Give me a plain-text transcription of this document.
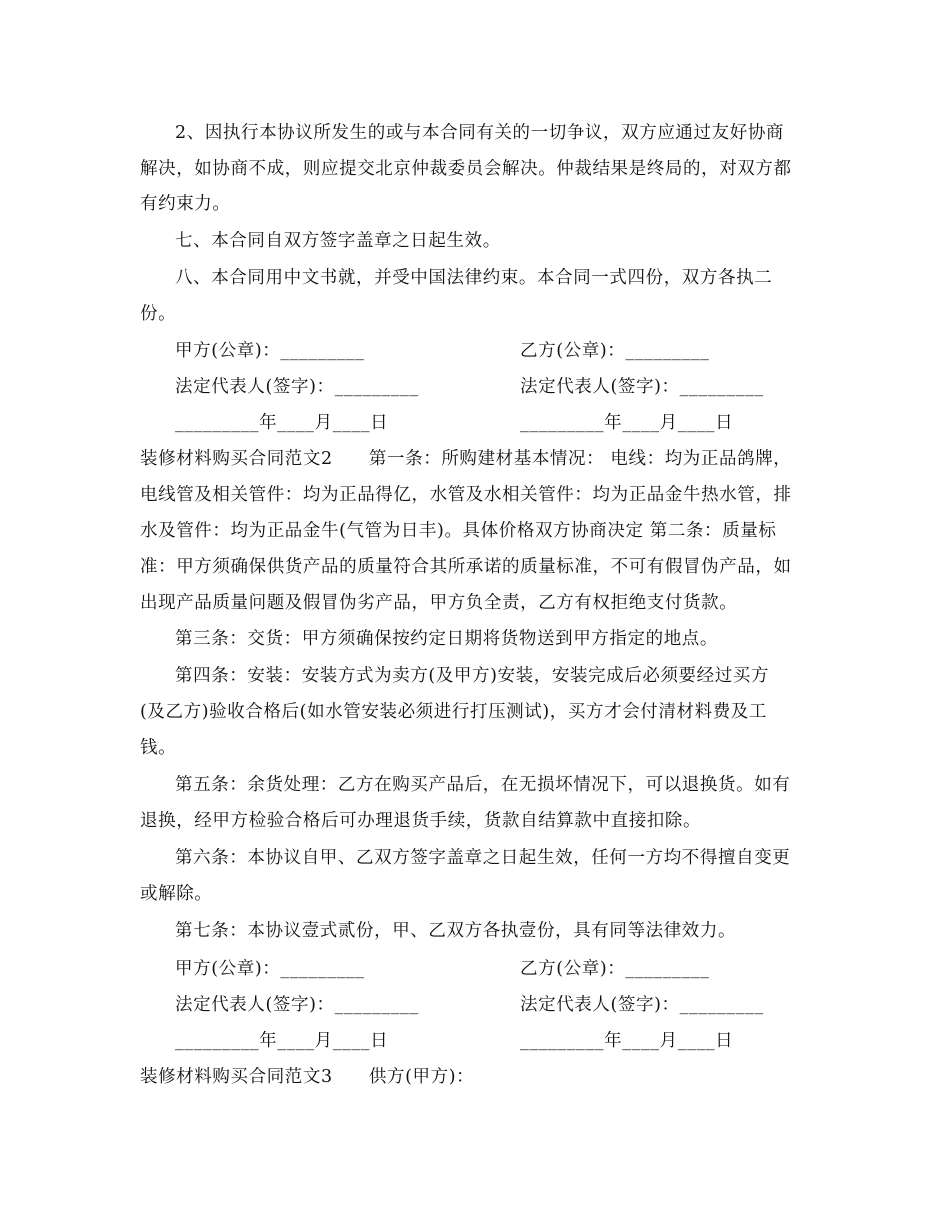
2、因执行本协议所发生的或与本合同有关的一切争议，双方应通过友好协商
解决，如协商不成，则应提交北京仲裁委员会解决。仲裁结果是终局的，对双方都
有约束力。
七、本合同自双方签字盖章之日起生效。
八、本合同用中文书就，并受中国法律约束。本合同一式四份，双方各执二
份。
甲方(公章)：_________	乙方(公章)：_________
法定代表人(签字)：_________	法定代表人(签字)：_________
_________年____月____日	_________年____月____日
装修材料购买合同范文2　　第一条：所购建材基本情况： 电线：均为正品鸽牌，
电线管及相关管件：均为正品得亿，水管及水相关管件：均为正品金牛热水管，排
水及管件：均为正品金牛(气管为日丰)。具体价格双方协商决定 第二条：质量标
准：甲方须确保供货产品的质量符合其所承诺的质量标准，不可有假冒伪产品，如
出现产品质量问题及假冒伪劣产品，甲方负全责，乙方有权拒绝支付货款。
第三条：交货：甲方须确保按约定日期将货物送到甲方指定的地点。
第四条：安装：安装方式为卖方(及甲方)安装，安装完成后必须要经过买方
(及乙方)验收合格后(如水管安装必须进行打压测试)，买方才会付清材料费及工
钱。
第五条：余货处理：乙方在购买产品后，在无损坏情况下，可以退换货。如有
退换，经甲方检验合格后可办理退货手续，货款自结算款中直接扣除。
第六条：本协议自甲、乙双方签字盖章之日起生效，任何一方均不得擅自变更
或解除。
第七条：本协议壹式贰份，甲、乙双方各执壹份，具有同等法律效力。
甲方(公章)：_________	乙方(公章)：_________
法定代表人(签字)：_________	法定代表人(签字)：_________
_________年____月____日	_________年____月____日
装修材料购买合同范文3　　供方(甲方)：
